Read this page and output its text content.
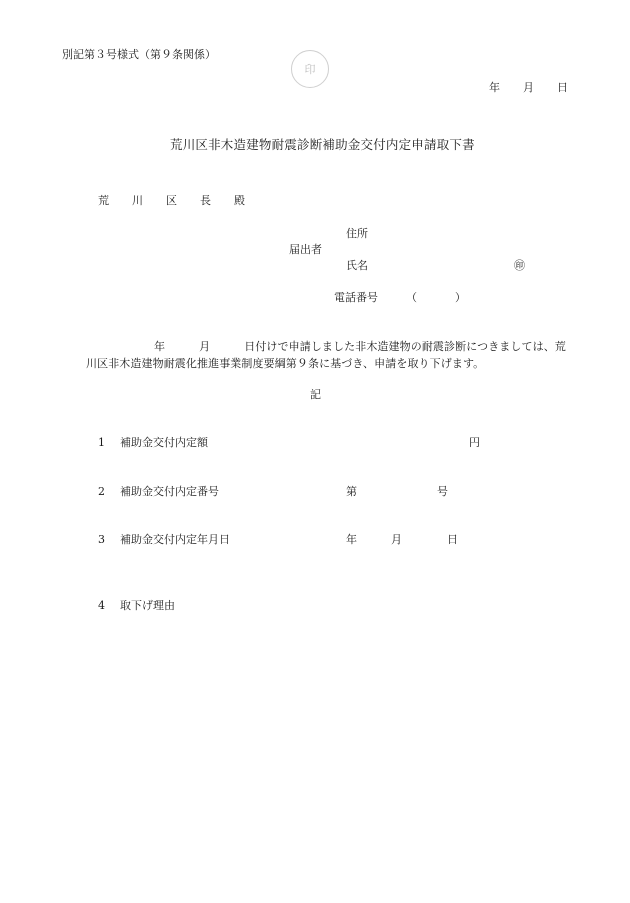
別記第３号様式（第９条関係）
印
年 月 日
荒川区非木造建物耐震診断補助金交付内定申請取下書
荒 川 区 長 殿
住所
届出者
氏名	㊞
電話番号	（	）
年	月	日付けで申請しました非木造建物の耐震診断につきましては、荒川区非木造建物耐震化推進事業制度要綱第９条に基づき、申請を取り下げます。
記
1 補助金交付内定額	円
2 補助金交付内定番号	第	号
3 補助金交付内定年月日	年	月	日
4 取下げ理由
